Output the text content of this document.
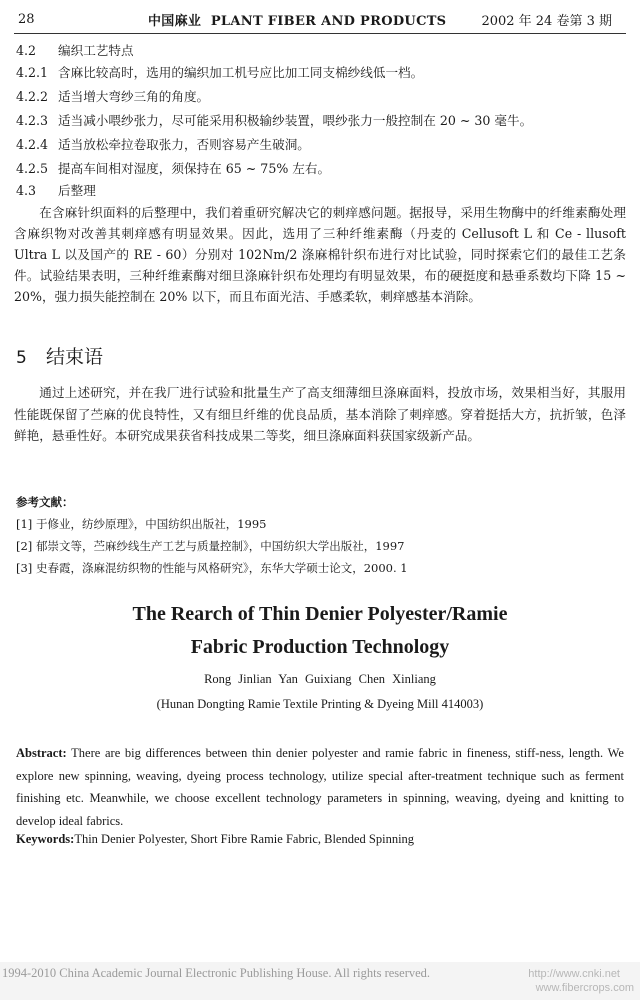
28	中国麻业 PLANT FIBER AND PRODUCTS	2002 年 24 卷第 3 期
4.2 编织工艺特点
4.2.1 含麻比较高时，选用的编织加工机号应比加工同支棉纱线低一档。
4.2.2 适当增大弯纱三角的角度。
4.2.3 适当减小喂纱张力，尽可能采用积极输纱装置，喂纱张力一般控制在 20 ~ 30 毫牛。
4.2.4 适当放松牵拉卷取张力，否则容易产生破洞。
4.2.5 提高车间相对湿度，须保持在 65 ~ 75% 左右。
4.3 后整理

在含麻针织面料的后整理中，我们着重研究解决它的刺痒感问题。据报导，采用生物酶中的纤维素酶处理含麻织物对改善其刺痒感有明显效果。因此，选用了三种纤维素酶（丹麦的 Cellusoft L 和 Ce - llusoft Ultra L 以及国产的 RE - 60）分别对 102Nm/2 涤麻棉针织布进行对比试验，同时探索它们的最佳工艺条件。试验结果表明，三种纤维素酶对细旦涤麻针织布处理均有明显效果，布的硬挺度和悬垂系数均下降 15 ~ 20%，强力损失能控制在 20% 以下，而且布面光洁、手感柔软，刺痒感基本消除。

5 结束语

通过上述研究，并在我厂进行试验和批量生产了高支细薄细旦涤麻面料，投放市场，效果相当好，其服用性能既保留了苎麻的优良特性，又有细旦纤维的优良品质，基本消除了刺痒感。穿着挺括大方，抗折皱，色泽鲜艳，悬垂性好。本研究成果获省科技成果二等奖，细旦涤麻面料获国家级新产品。

参考文献：
[1] 于修业，纺纱原理》，中国纺织出版社，1995
[2] 郁崇文等，苎麻纱线生产工艺与质量控制》，中国纺织大学出版社，1997
[3] 史春霞，涤麻混纺织物的性能与风格研究》，东华大学硕士论文，2000. 1
The Rearch of Thin Denier Polyester/Ramie
Fabric Production Technology
Rong Jinlian Yan Guixiang Chen Xinliang
(Hunan Dongting Ramie Textile Printing & Dyeing Mill 414003)
Abstract: There are big differences between thin denier polyester and ramie fabric in fineness, stiff-ness, length. We explore new spinning, weaving, dyeing process technology, utilize special after-treatment technique such as ferment finishing etc. Meanwhile, we choose excellent technology parameters in spinning, weaving, dyeing and knitting to develop ideal fabrics.
Keywords:Thin Denier Polyester, Short Fibre Ramie Fabric, Blended Spinning
1994-2010 China Academic Journal Electronic Publishing House. All rights reserved.	http://www.cnki.net
www.fibercrops.com
